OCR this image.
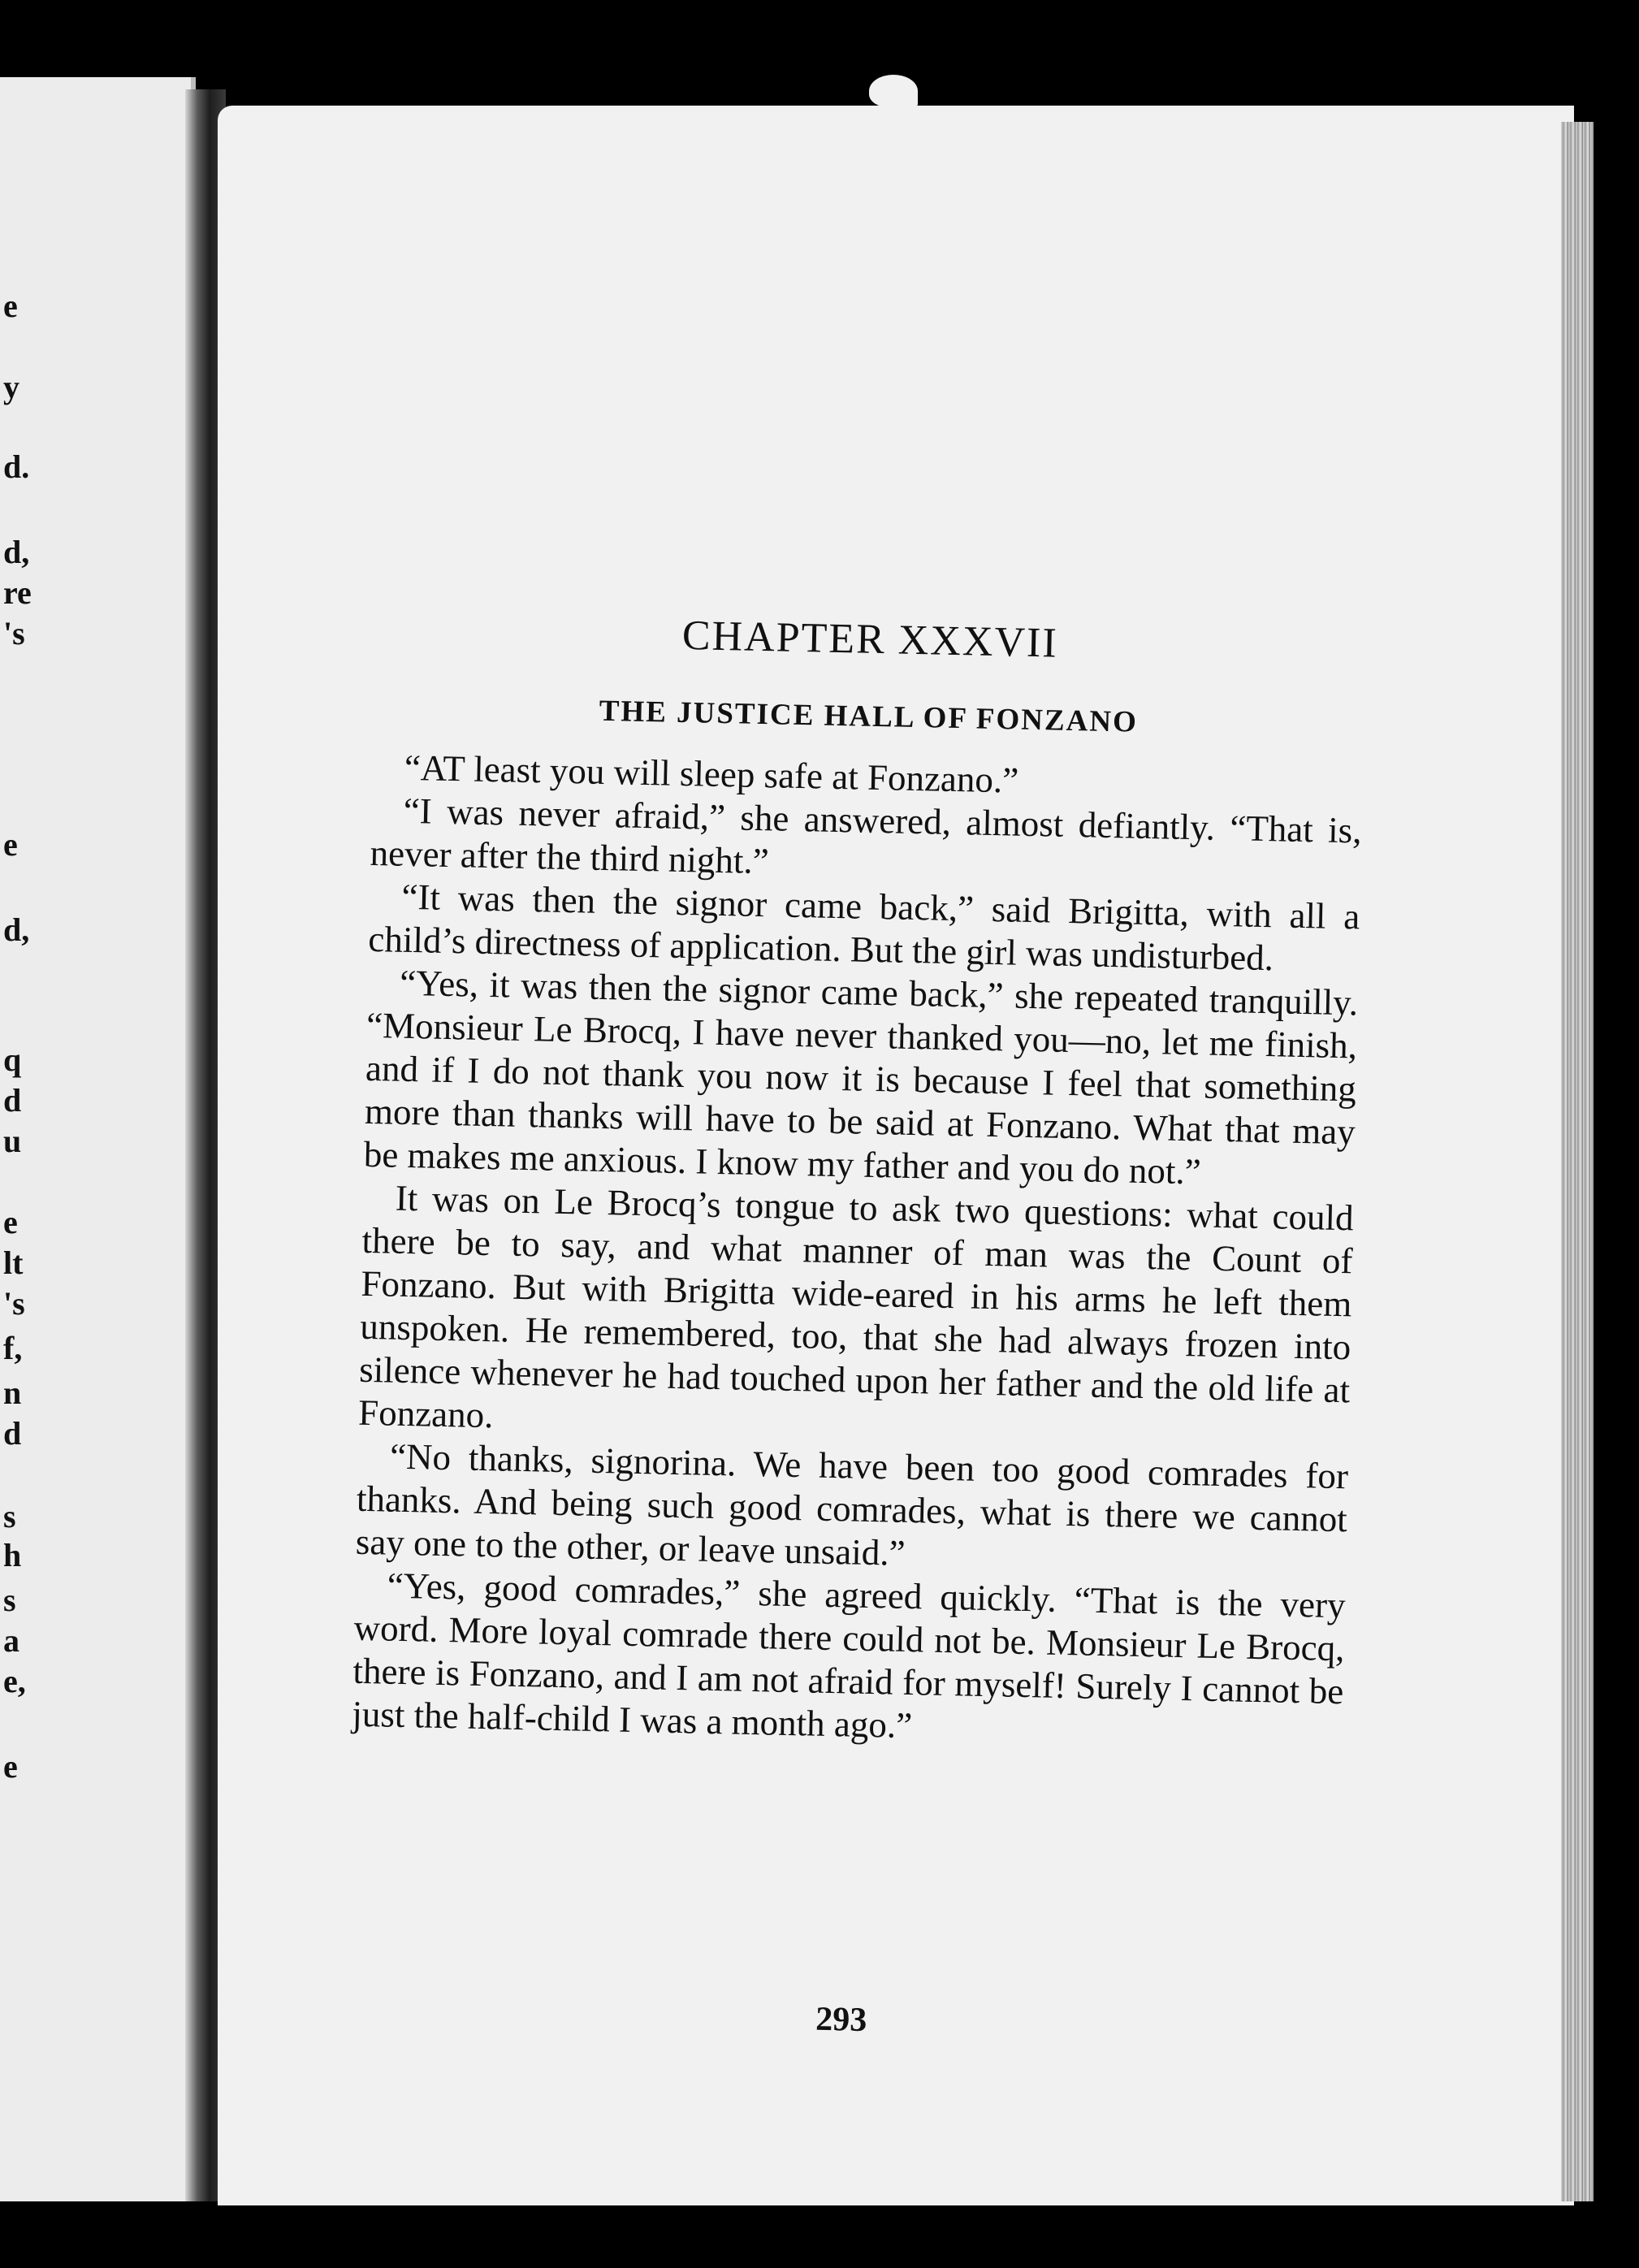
e
y
d.
d,
re
's
e
d,
q
d
u
e
lt
's
f,
n
d
s
h
s
a
e,
e
CHAPTER XXXVII
THE JUSTICE HALL OF FONZANO

“AT least you will sleep safe at Fonzano.”

“I was never afraid,” she answered, almost defiantly. “That is, never after the third night.”

“It was then the signor came back,” said Brigitta, with all a child’s directness of application. But the girl was undisturbed.

“Yes, it was then the signor came back,” she repeated tranquilly. “Monsieur Le Brocq, I have never thanked you—no, let me finish, and if I do not thank you now it is because I feel that something more than thanks will have to be said at Fonzano. What that may be makes me anxious. I know my father and you do not.”

It was on Le Brocq’s tongue to ask two questions: what could there be to say, and what manner of man was the Count of Fonzano. But with Brigitta wide-eared in his arms he left them unspoken. He remembered, too, that she had always frozen into silence whenever he had touched upon her father and the old life at Fonzano.

“No thanks, signorina. We have been too good comrades for thanks. And being such good comrades, what is there we cannot say one to the other, or leave unsaid.”

“Yes, good comrades,” she agreed quickly. “That is the very word. More loyal comrade there could not be. Monsieur Le Brocq, there is Fonzano, and I am not afraid for myself! Surely I cannot be just the half-child I was a month ago.”

293
